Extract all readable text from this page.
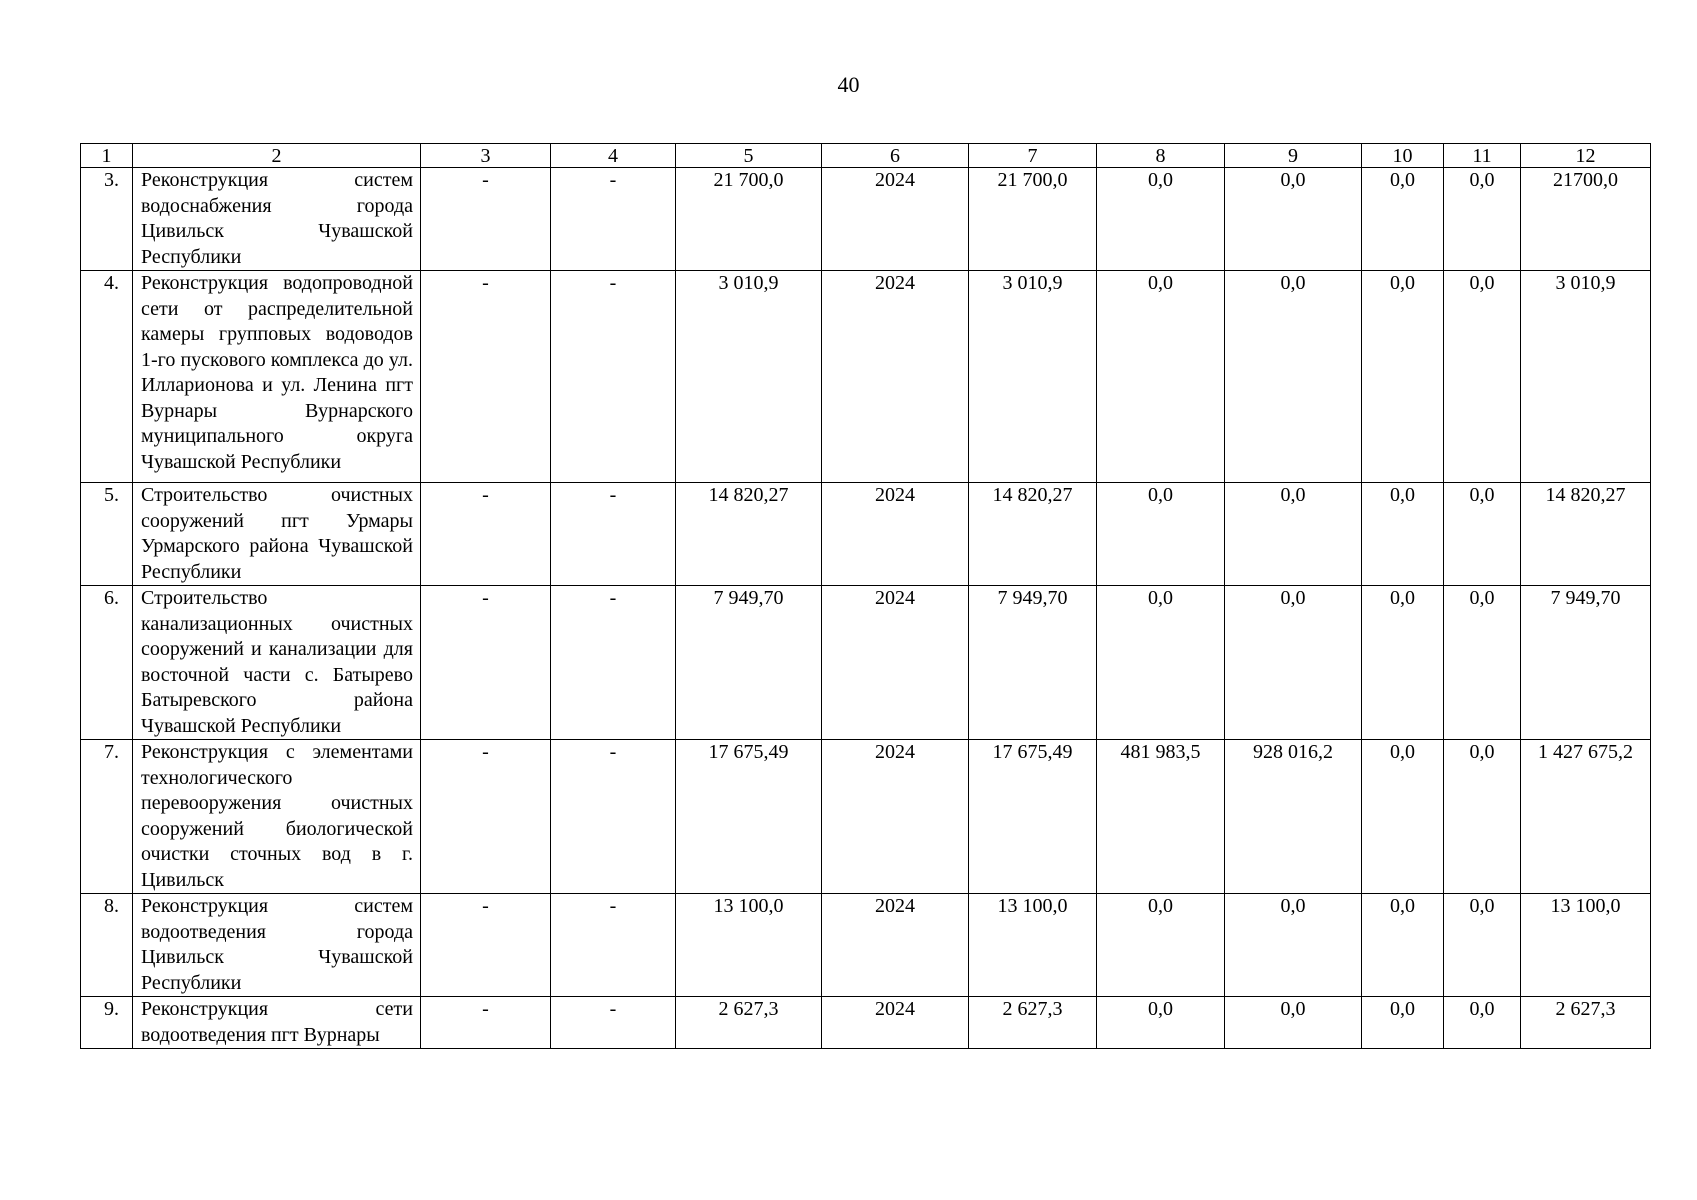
40
1	2	3	4	5	6	7	8	9	10	11	12
3.	Реконструкция систем водоснабжения города Цивильск Чувашской Республики	-	-	21 700,0	2024	21 700,0	0,0	0,0	0,0	0,0	21700,0
4.	Реконструкция водопроводной сети от распределительной камеры групповых водоводов 1-го пускового комплекса до ул. Илларионова и ул. Ленина пгт Вурнары Вурнарского муниципального округа Чувашской Республики	-	-	3 010,9	2024	3 010,9	0,0	0,0	0,0	0,0	3 010,9
5.	Строительство очистных сооружений пгт Урмары Урмарского района Чувашской Республики	-	-	14 820,27	2024	14 820,27	0,0	0,0	0,0	0,0	14 820,27
6.	Строительство канализационных очистных сооружений и канализации для восточной части с. Батырево Батыревского района Чувашской Республики	-	-	7 949,70	2024	7 949,70	0,0	0,0	0,0	0,0	7 949,70
7.	Реконструкция с элементами технологического перевооружения очистных сооружений биологической очистки сточных вод в г. Цивильск	-	-	17 675,49	2024	17 675,49	481 983,5	928 016,2	0,0	0,0	1 427 675,2
8.	Реконструкция систем водоотведения города Цивильск Чувашской Республики	-	-	13 100,0	2024	13 100,0	0,0	0,0	0,0	0,0	13 100,0
9.	Реконструкция сети водоотведения пгт Вурнары	-	-	2 627,3	2024	2 627,3	0,0	0,0	0,0	0,0	2 627,3
